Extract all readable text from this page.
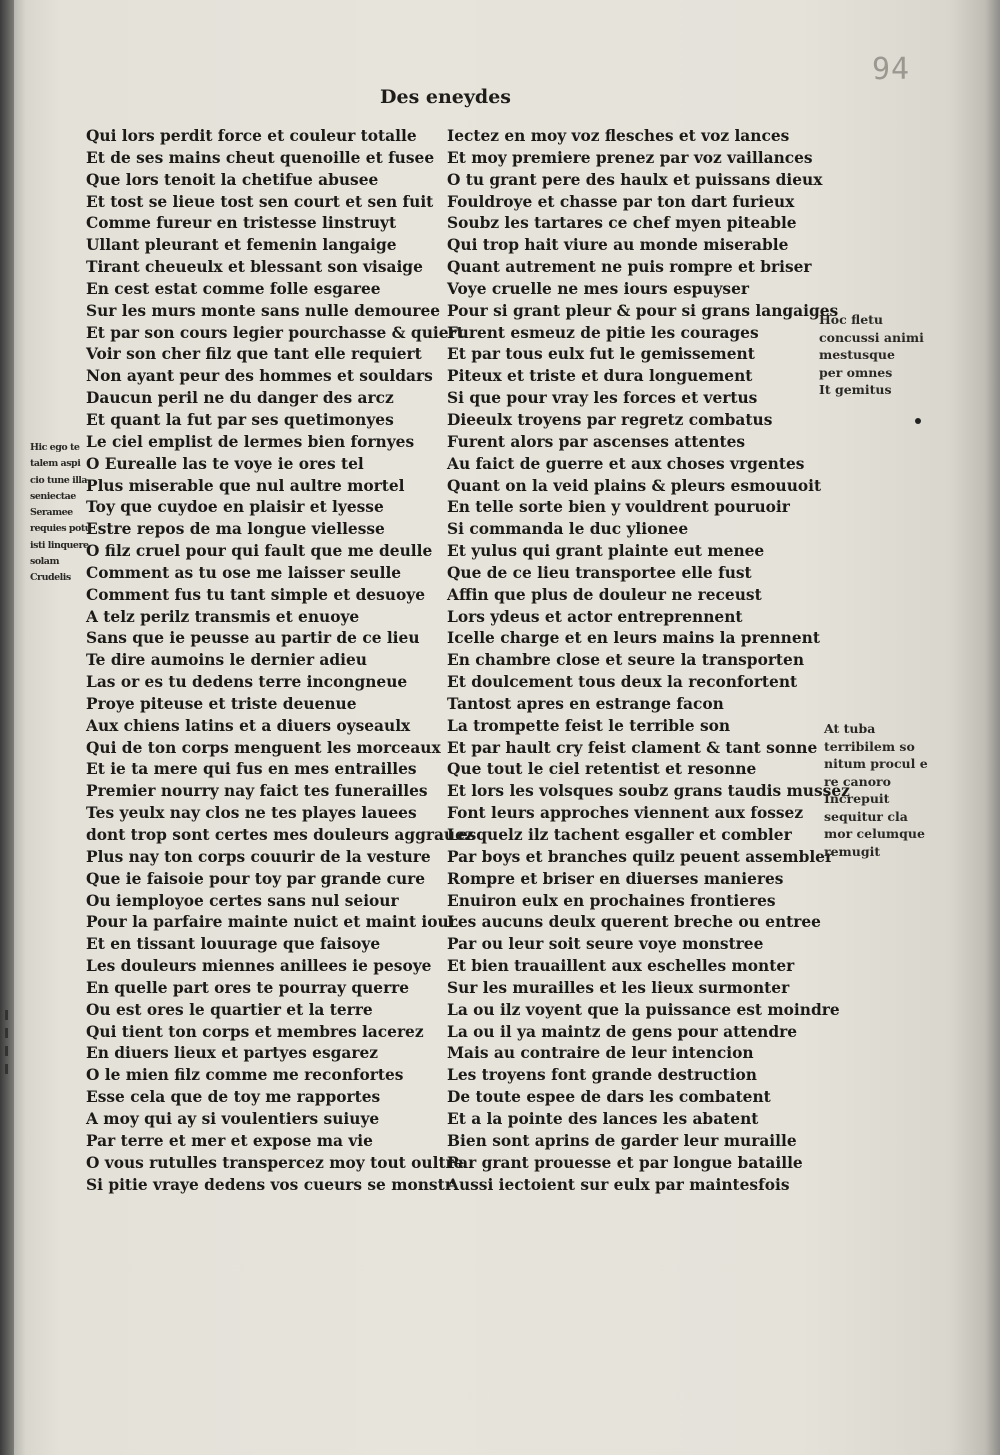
94
Des eneydes
Qui lors perdit force et couleur totalle
Et de ses mains cheut quenoille et fusee
Que lors tenoit la chetifue abusee
Et tost se lieue tost sen court et sen fuit
Comme fureur en tristesse linstruyt
Ullant pleurant et femenin langaige
Tirant cheueulx et blessant son visaige
En cest estat comme folle esgaree
Sur les murs monte sans nulle demouree
Et par son cours legier pourchasse & quiert
Voir son cher filz que tant elle requiert
Non ayant peur des hommes et souldars
Daucun peril ne du danger des arcz
Et quant la fut par ses quetimonyes
Le ciel emplist de lermes bien fornyes
O Eurealle las te voye ie ores tel
Plus miserable que nul aultre mortel
Toy que cuydoe en plaisir et lyesse
Estre repos de ma longue viellesse
O filz cruel pour qui fault que me deulle
Comment as tu ose me laisser seulle
Comment fus tu tant simple et desuoye
A telz perilz transmis et enuoye
Sans que ie peusse au partir de ce lieu
Te dire aumoins le dernier adieu
Las or es tu dedens terre incongneue
Proye piteuse et triste deuenue
Aux chiens latins et a diuers oyseaulx
Qui de ton corps menguent les morceaux
Et ie ta mere qui fus en mes entrailles
Premier nourry nay faict tes funerailles
Tes yeulx nay clos ne tes playes lauees
dont trop sont certes mes douleurs aggrauez
Plus nay ton corps couurir de la vesture
Que ie faisoie pour toy par grande cure
Ou iemployoe certes sans nul seiour
Pour la parfaire mainte nuict et maint iour
Et en tissant louurage que faisoye
Les douleurs miennes anillees ie pesoye
En quelle part ores te pourray querre
Ou est ores le quartier et la terre
Qui tient ton corps et membres lacerez
En diuers lieux et partyes esgarez
O le mien filz comme me reconfortes
Esse cela que de toy me rapportes
A moy qui ay si voulentiers suiuye
Par terre et mer et expose ma vie
O vous rutulles transpercez moy tout oultre
Si pitie vraye dedens vos cueurs se monstr
Iectez en moy voz flesches et voz lances
Et moy premiere prenez par voz vaillances
O tu grant pere des haulx et puissans dieux
Fouldroye et chasse par ton dart furieux
Soubz les tartares ce chef myen piteable
Qui trop hait viure au monde miserable
Quant autrement ne puis rompre et briser
Voye cruelle ne mes iours espuyser
Pour si grant pleur & pour si grans langaiges
Furent esmeuz de pitie les courages
Et par tous eulx fut le gemissement
Piteux et triste et dura longuement
Si que pour vray les forces et vertus
Dieeulx troyens par regretz combatus
Furent alors par ascenses attentes
Au faict de guerre et aux choses vrgentes
Quant on la veid plains & pleurs esmouuoit
En telle sorte bien y vouldrent pouruoir
Si commanda le duc ylionee
Et yulus qui grant plainte eut menee
Que de ce lieu transportee elle fust
Affin que plus de douleur ne receust
Lors ydeus et actor entreprennent
Icelle charge et en leurs mains la prennent
En chambre close et seure la transporten
Et doulcement tous deux la reconfortent
Tantost apres en estrange facon
La trompette feist le terrible son
Et par hault cry feist clament & tant sonne
Que tout le ciel retentist et resonne
Et lors les volsques soubz grans taudis mussez
Font leurs approches viennent aux fossez
Lesquelz ilz tachent esgaller et combler
Par boys et branches quilz peuent assembler
Rompre et briser en diuerses manieres
Enuiron eulx en prochaines frontieres
Les aucuns deulx querent breche ou entree
Par ou leur soit seure voye monstree
Et bien trauaillent aux eschelles monter
Sur les murailles et les lieux surmonter
La ou ilz voyent que la puissance est moindre
La ou il ya maintz de gens pour attendre
Mais au contraire de leur intencion
Les troyens font grande destruction
De toute espee de dars les combatent
Et a la pointe des lances les abatent
Bien sont aprins de garder leur muraille
Par grant prouesse et par longue bataille
Aussi iectoient sur eulx par maintesfois
Hic ego te
talem aspi
cio tune illa
seniectae
Seramee
requies potu
isti linquere
solam
Crudelis
Hoc fletu
concussi animi
mestusque
per omnes
It gemitus
At tuba
terribilem so
nitum procul e
re canoro
Increpuit
sequitur cla
mor celumque
remugit
